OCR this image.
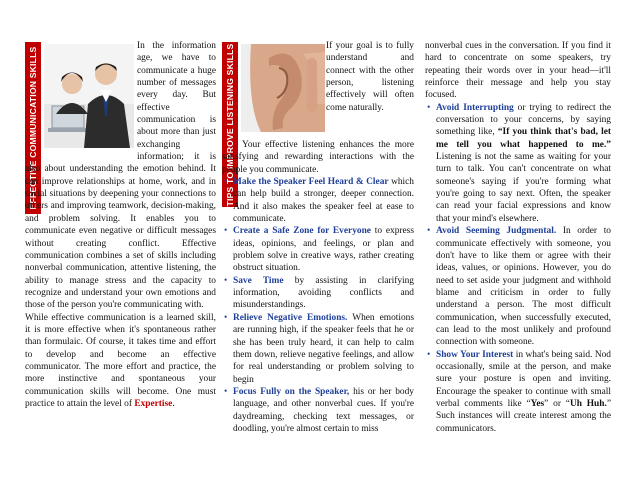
EFFECTIVE COMMUNICATION SKILLS

In the information age, we have to communicate a huge number of messages every day. But effective communication is about more than just exchanging information; it is also about understanding the emotion behind. It can improve relationships at home, work, and in social situations by deepening your connections to others and improving teamwork, decision-making, and problem solving. It enables you to communicate even negative or difficult messages without creating conflict. Effective communication combines a set of skills including nonverbal communication, attentive listening, the ability to manage stress and the capacity to recognize and understand your own emotions and those of the person you're communicating with.

While effective communication is a learned skill, it is more effective when it's spontaneous rather than formulaic. Of course, it takes time and effort to develop and become an effective communicator. The more effort and practice, the more instinctive and spontaneous your communication skills will become. One must practice to attain the level of Expertise.

TIPS TO IMPROVE LISTENING SKILLS	If your goal is to fully understand and connect with the other person, listening effectively will often come naturally.

Your effective listening enhances the more satisfying and rewarding interactions with the people you communicate.

• Make the Speaker Feel Heard & Clear which can help build a stronger, deeper connection. And it also makes the speaker feel at ease to communicate.
• Create a Safe Zone for Everyone to express ideas, opinions, and feelings, or plan and problem solve in creative ways, rather creating obstruct situation.
• Save Time by assisting in clarifying information, avoiding conflicts and misunderstandings.
• Relieve Negative Emotions. When emotions are running high, if the speaker feels that he or she has been truly heard, it can help to calm them down, relieve negative feelings, and allow for real understanding or problem solving to begin
• Focus Fully on the Speaker, his or her body language, and other nonverbal cues. If you're daydreaming, checking text messages, or doodling, you're almost certain to miss

nonverbal cues in the conversation. If you find it hard to concentrate on some speakers, try repeating their words over in your head—it'll reinforce their message and help you stay focused.

• Avoid Interrupting or trying to redirect the conversation to your concerns, by saying something like, “If you think that's bad, let me tell you what happened to me.” Listening is not the same as waiting for your turn to talk. You can't concentrate on what someone's saying if you're forming what you're going to say next. Often, the speaker can read your facial expressions and know that your mind's elsewhere.
• Avoid Seeming Judgmental. In order to communicate effectively with someone, you don't have to like them or agree with their ideas, values, or opinions. However, you do need to set aside your judgment and withhold blame and criticism in order to fully understand a person. The most difficult communication, when successfully executed, can lead to the most unlikely and profound connection with someone.
• Show Your Interest in what's being said. Nod occasionally, smile at the person, and make sure your posture is open and inviting. Encourage the speaker to continue with small verbal comments like “Yes” or “Uh Huh.” Such instances will create interest among the communicators.
